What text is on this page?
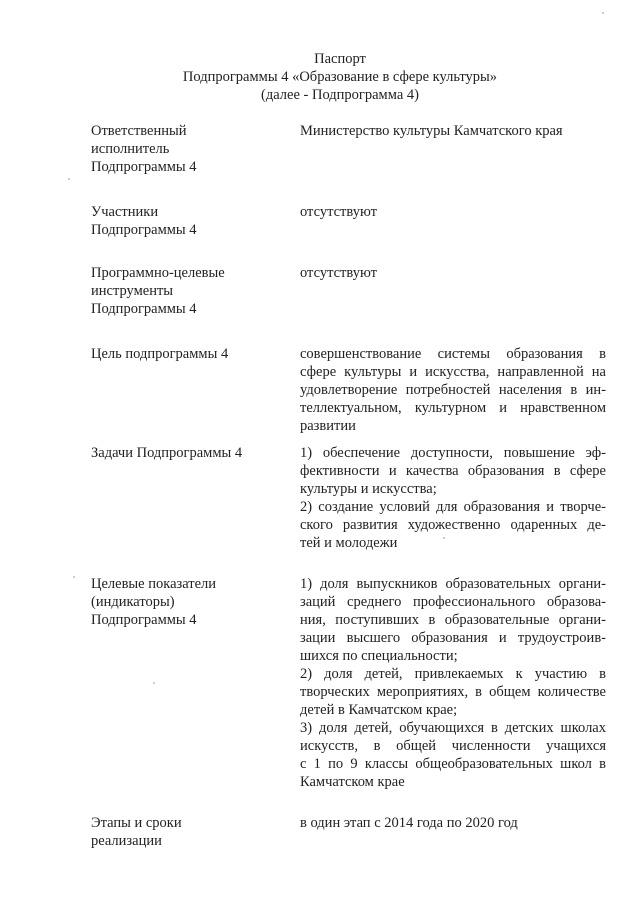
Паспорт
Подпрограммы 4 «Образование в сфере культуры»
(далее - Подпрограмма 4)
Ответственный
исполнитель
Подпрограммы 4
Министерство культуры Камчатского края
Участники
Подпрограммы 4
отсутствуют
Программно-целевые
инструменты
Подпрограммы 4
отсутствуют
Цель подпрограммы 4	совершенствование системы образования в
сфере культуры и искусства, направленной на
удовлетворение потребностей населения в ин-
теллектуальном, культурном и нравственном
развитии
Задачи Подпрограммы 4	1) обеспечение доступности, повышение эф-
фективности и качества образования в сфере
культуры и искусства;
2) создание условий для образования и творче-
ского развития художественно одаренных де-
тей и молодежи
Целевые показатели
(индикаторы)
Подпрограммы 4
1) доля выпускников образовательных органи-
заций среднего профессионального образова-
ния, поступивших в образовательные органи-
зации высшего образования и трудоустроив-
шихся по специальности;
2) доля детей, привлекаемых к участию в
творческих мероприятиях, в общем количестве
детей в Камчатском крае;
3) доля детей, обучающихся в детских школах
искусств, в общей численности учащихся
с 1 по 9 классы общеобразовательных школ в
Камчатском крае
Этапы и сроки
реализации
в один этап с 2014 года по 2020 год
